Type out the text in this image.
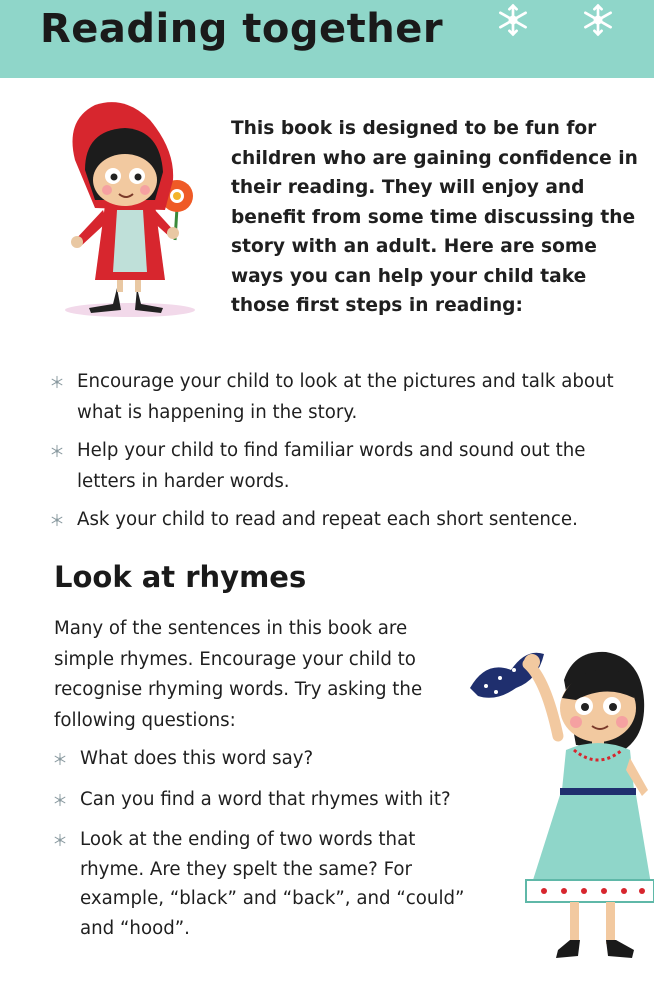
Reading together

This book is designed to be fun for children who are gaining confidence in their reading. They will enjoy and benefit from some time discussing the story with an adult. Here are some ways you can help your child take those first steps in reading:

Encourage your child to look at the pictures and talk about what is happening in the story.
Help your child to find familiar words and sound out the letters in harder words.
Ask your child to read and repeat each short sentence.
Look at rhymes

Many of the sentences in this book are simple rhymes. Encourage your child to recognise rhyming words. Try asking the following questions:

What does this word say?
Can you find a word that rhymes with it?
Look at the ending of two words that rhyme. Are they spelt the same? For example, “black” and “back”, and “could” and “hood”.
